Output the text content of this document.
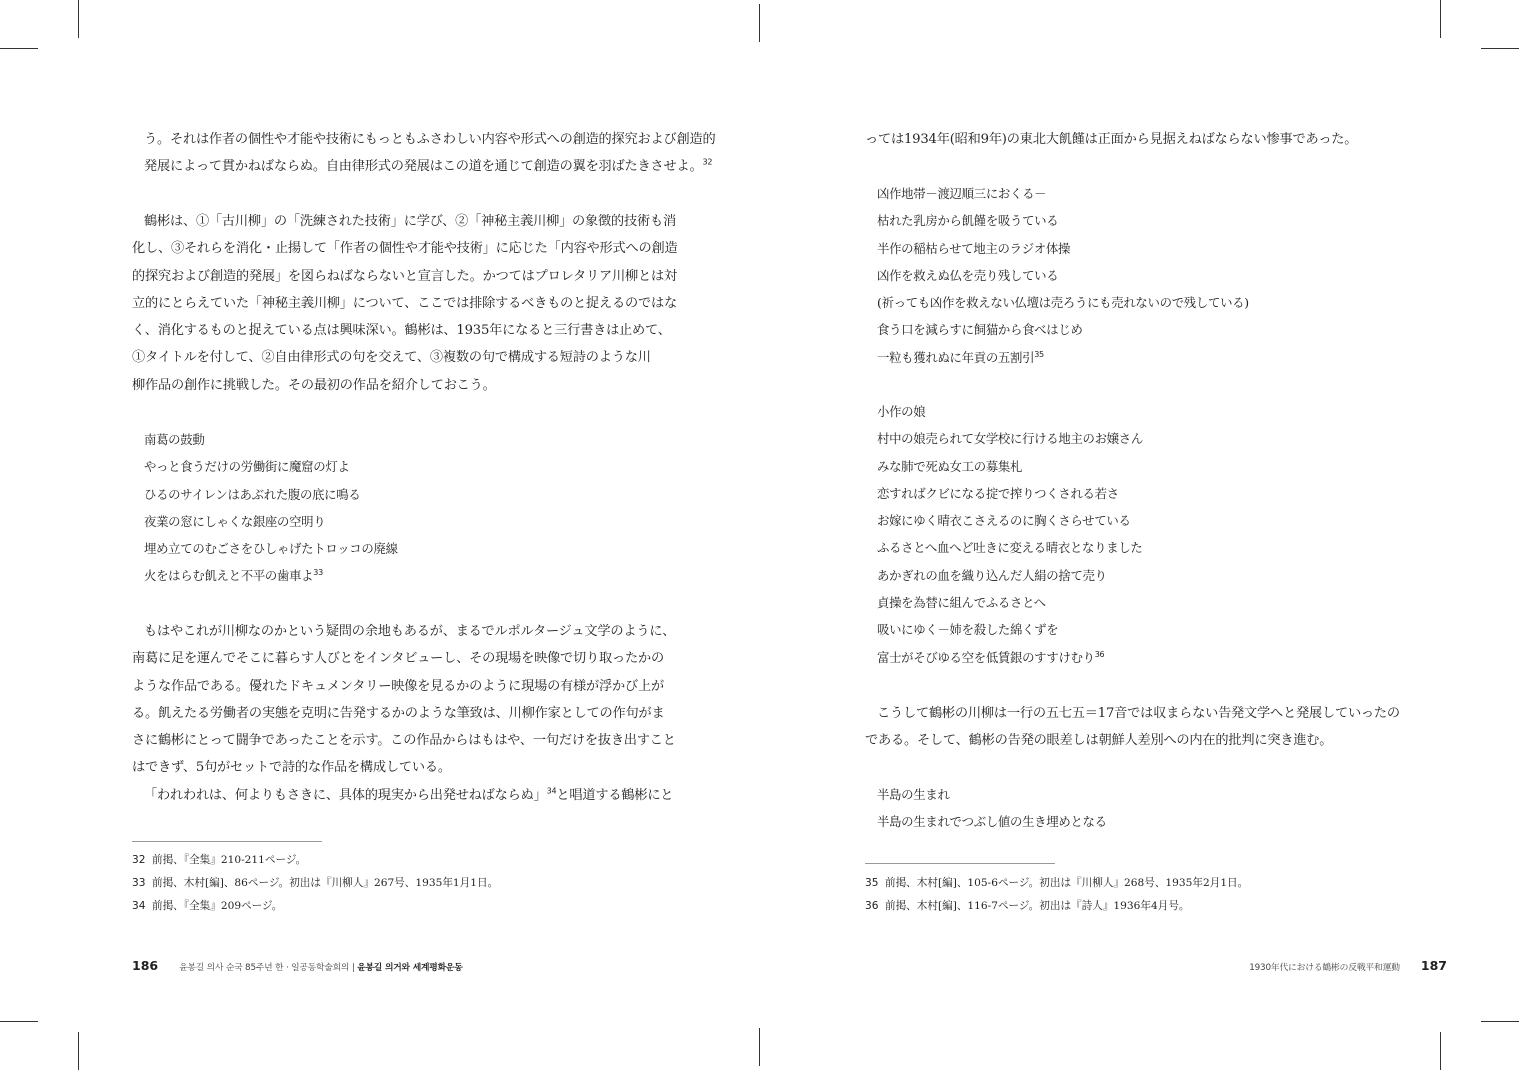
う。それは作者の個性や才能や技術にもっともふさわしい内容や形式への創造的探究および創造的
発展によって貫かねばならぬ。自由律形式の発展はこの道を通じて創造の翼を羽ばたきさせよ。$^{32}$
鶴彬は、①「古川柳」の「洗練された技術」に学び、②「神秘主義川柳」の象徴的技術も消
化し、③それらを消化・止揚して「作者の個性や才能や技術」に応じた「内容や形式への創造
的探究および創造的発展」を図らねばならないと宣言した。かつてはプロレタリア川柳とは対
立的にとらえていた「神秘主義川柳」について、ここでは排除するべきものと捉えるのではな
く、消化するものと捉えている点は興味深い。鶴彬は、1935年になると三行書きは止めて、
①タイトルを付して、②自由律形式の句を交えて、③複数の句で構成する短詩のような川
柳作品の創作に挑戦した。その最初の作品を紹介しておこう。
南葛の鼓動
やっと食うだけの労働街に魔窟の灯よ
ひるのサイレンはあぶれた腹の底に鳴る
夜業の窓にしゃくな銀座の空明り
埋め立てのむごさをひしゃげたトロッコの廃線
火をはらむ飢えと不平の歯車よ$^{33}$
もはやこれが川柳なのかという疑問の余地もあるが、まるでルポルタージュ文学のように、
南葛に足を運んでそこに暮らす人びとをインタビューし、その現場を映像で切り取ったかの
ような作品である。優れたドキュメンタリー映像を見るかのように現場の有様が浮かび上が
る。飢えたる労働者の実態を克明に告発するかのような筆致は、川柳作家としての作句がま
さに鶴彬にとって闘争であったことを示す。この作品からはもはや、一句だけを抜き出すこと
はできず、5句がセットで詩的な作品を構成している。
「われわれは、何よりもさきに、具体的現実から出発せねばならぬ」$^{34}$と唱道する鶴彬にと
32 前掲、『全集』210-211ページ。
33 前掲、木村[編]、86ページ。初出は『川柳人』267号、1935年1月1日。
34 前掲、『全集』209ページ。
186 윤봉길 의사 순국 85주년 한 · 일공동학술회의 | 윤봉길 의거와 세계평화운동
っては1934年(昭和9年)の東北大飢饉は正面から見据えねばならない惨事であった。
凶作地帯－渡辺順三におくる－
枯れた乳房から飢饉を吸うている
半作の稲枯らせて地主のラジオ体操
凶作を救えぬ仏を売り残している
(祈っても凶作を救えない仏壇は売ろうにも売れないので残している)
食う口を減らすに飼猫から食べはじめ
一粒も獲れぬに年貢の五割引$^{35}$
小作の娘
村中の娘売られて女学校に行ける地主のお嬢さん
みな肺で死ぬ女工の募集札
恋すればクビになる掟で搾りつくされる若さ
お嫁にゆく晴衣こさえるのに胸くさらせている
ふるさとへ血へど吐きに変える晴衣となりました
あかぎれの血を織り込んだ人絹の捨て売り
貞操を為替に組んでふるさとへ
吸いにゆく－姉を殺した綿くずを
富士がそびゆる空を低賃銀のすすけむり$^{36}$
こうして鶴彬の川柳は一行の五七五＝17音では収まらない告発文学へと発展していったの
である。そして、鶴彬の告発の眼差しは朝鮮人差別への内在的批判に突き進む。
半島の生まれ
半島の生まれでつぶし値の生き埋めとなる
35 前掲、木村[編]、105-6ページ。初出は『川柳人』268号、1935年2月1日。
36 前掲、木村[編]、116-7ページ。初出は『詩人』1936年4月号。
1930年代における鶴彬の反戦平和運動 187
